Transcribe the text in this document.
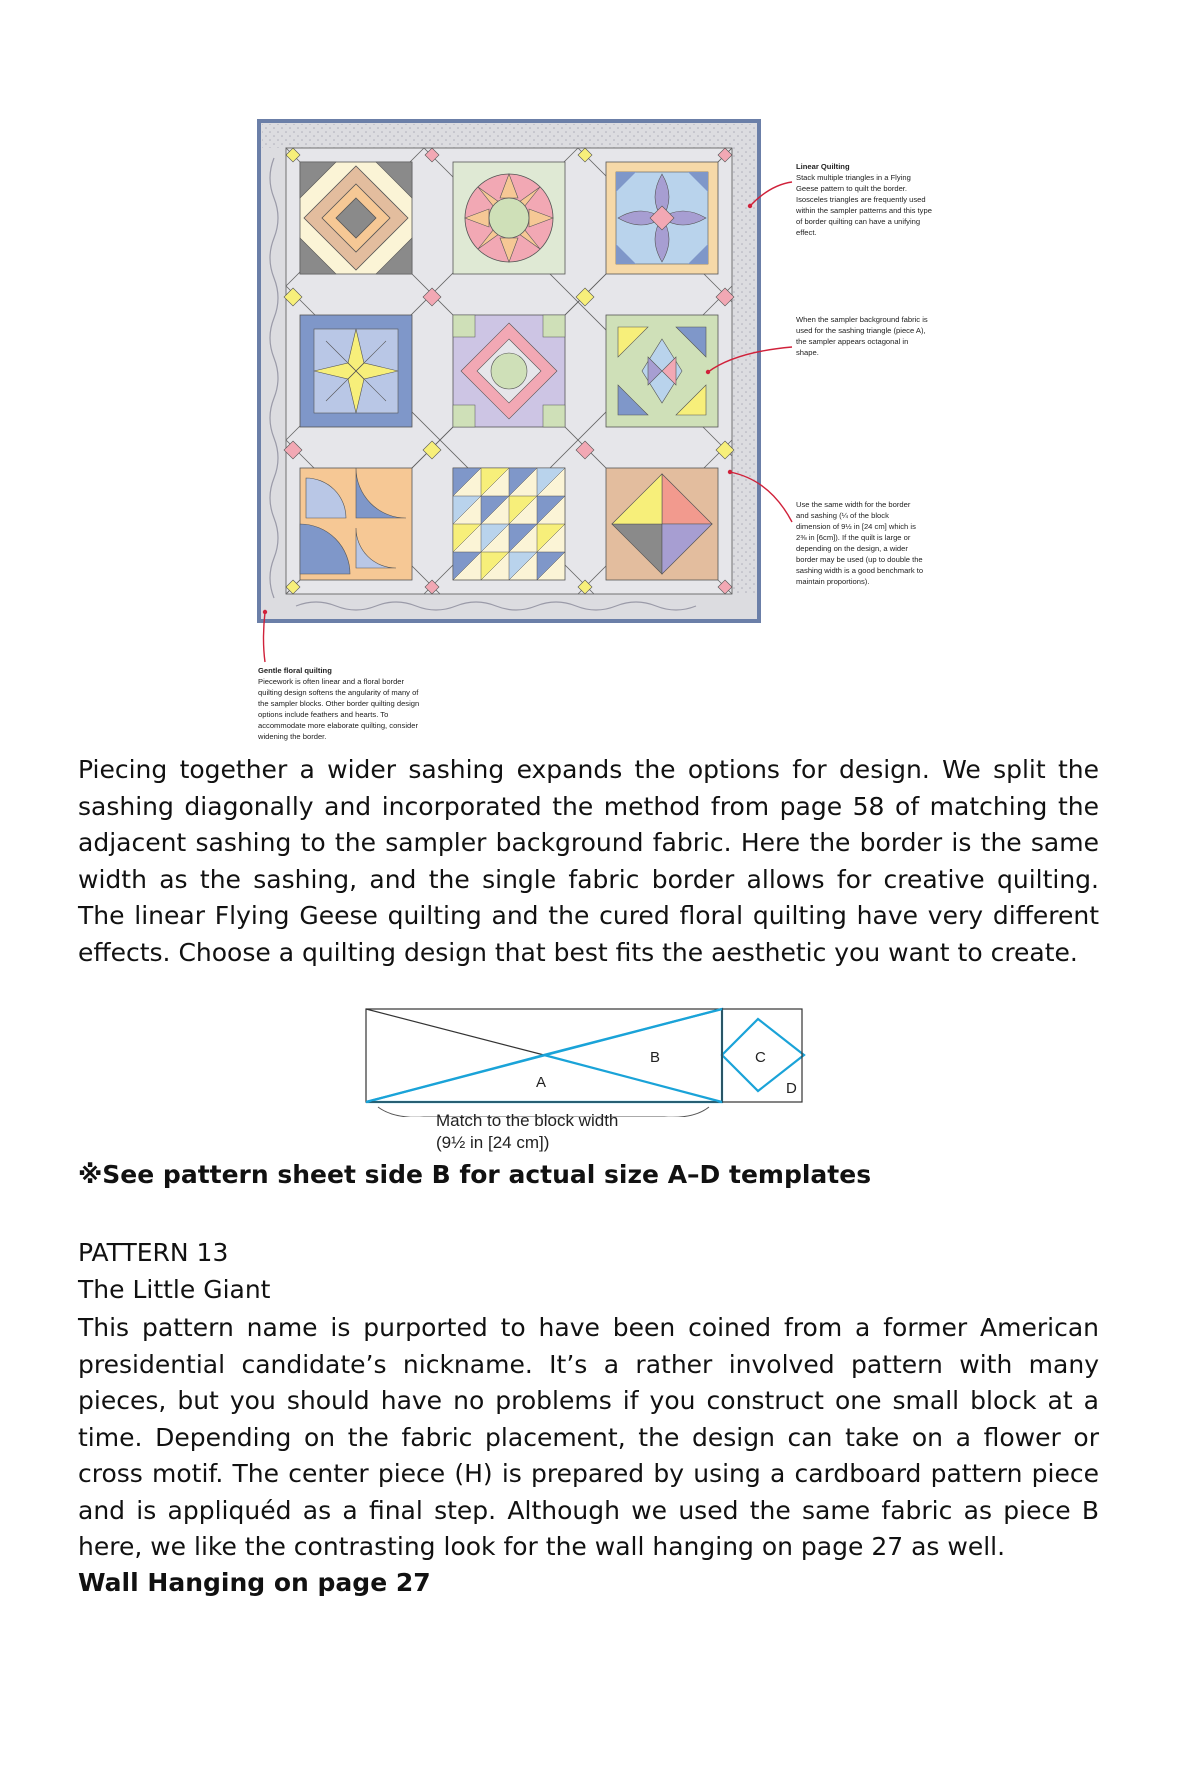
Linear Quilting
Stack multiple triangles in a Flying Geese pattern to quilt the border. Isosceles triangles are frequently used within the sampler patterns and this type of border quilting can have a unifying effect.
When the sampler background fabric is used for the sashing triangle (piece A), the sampler appears octagonal in shape.
Use the same width for the border and sashing (¼ of the block dimension of 9½ in [24 cm] which is 2⅜ in [6cm]). If the quilt is large or depending on the design, a wider border may be used (up to double the sashing width is a good benchmark to maintain proportions).
Gentle floral quilting
Piecework is often linear and a floral border quilting design softens the angularity of many of the sampler blocks. Other border quilting design options include feathers and hearts. To accommodate more elaborate quilting, consider widening the border.

Piecing together a wider sashing expands the options for design. We split the sashing diagonally and incorporated the method from page 58 of matching the adjacent sashing to the sampler background fabric. Here the border is the same width as the sashing, and the single fabric border allows for creative quilting. The linear Flying Geese quilting and the cured floral quilting have very different effects. Choose a quilting design that best fits the aesthetic you want to create.

A
B	C
D
Match to the block width
(9½ in [24 cm])
※See pattern sheet side B for actual size A–D templates
PATTERN 13
The Little Giant

This pattern name is purported to have been coined from a former American presidential candidate’s nickname. It’s a rather involved pattern with many pieces, but you should have no problems if you construct one small block at a time. Depending on the fabric placement, the design can take on a flower or cross motif. The center piece (H) is prepared by using a cardboard pattern piece and is appliquéd as a final step. Although we used the same fabric as piece B here, we like the contrasting look for the wall hanging on page 27 as well.

Wall Hanging on page 27
